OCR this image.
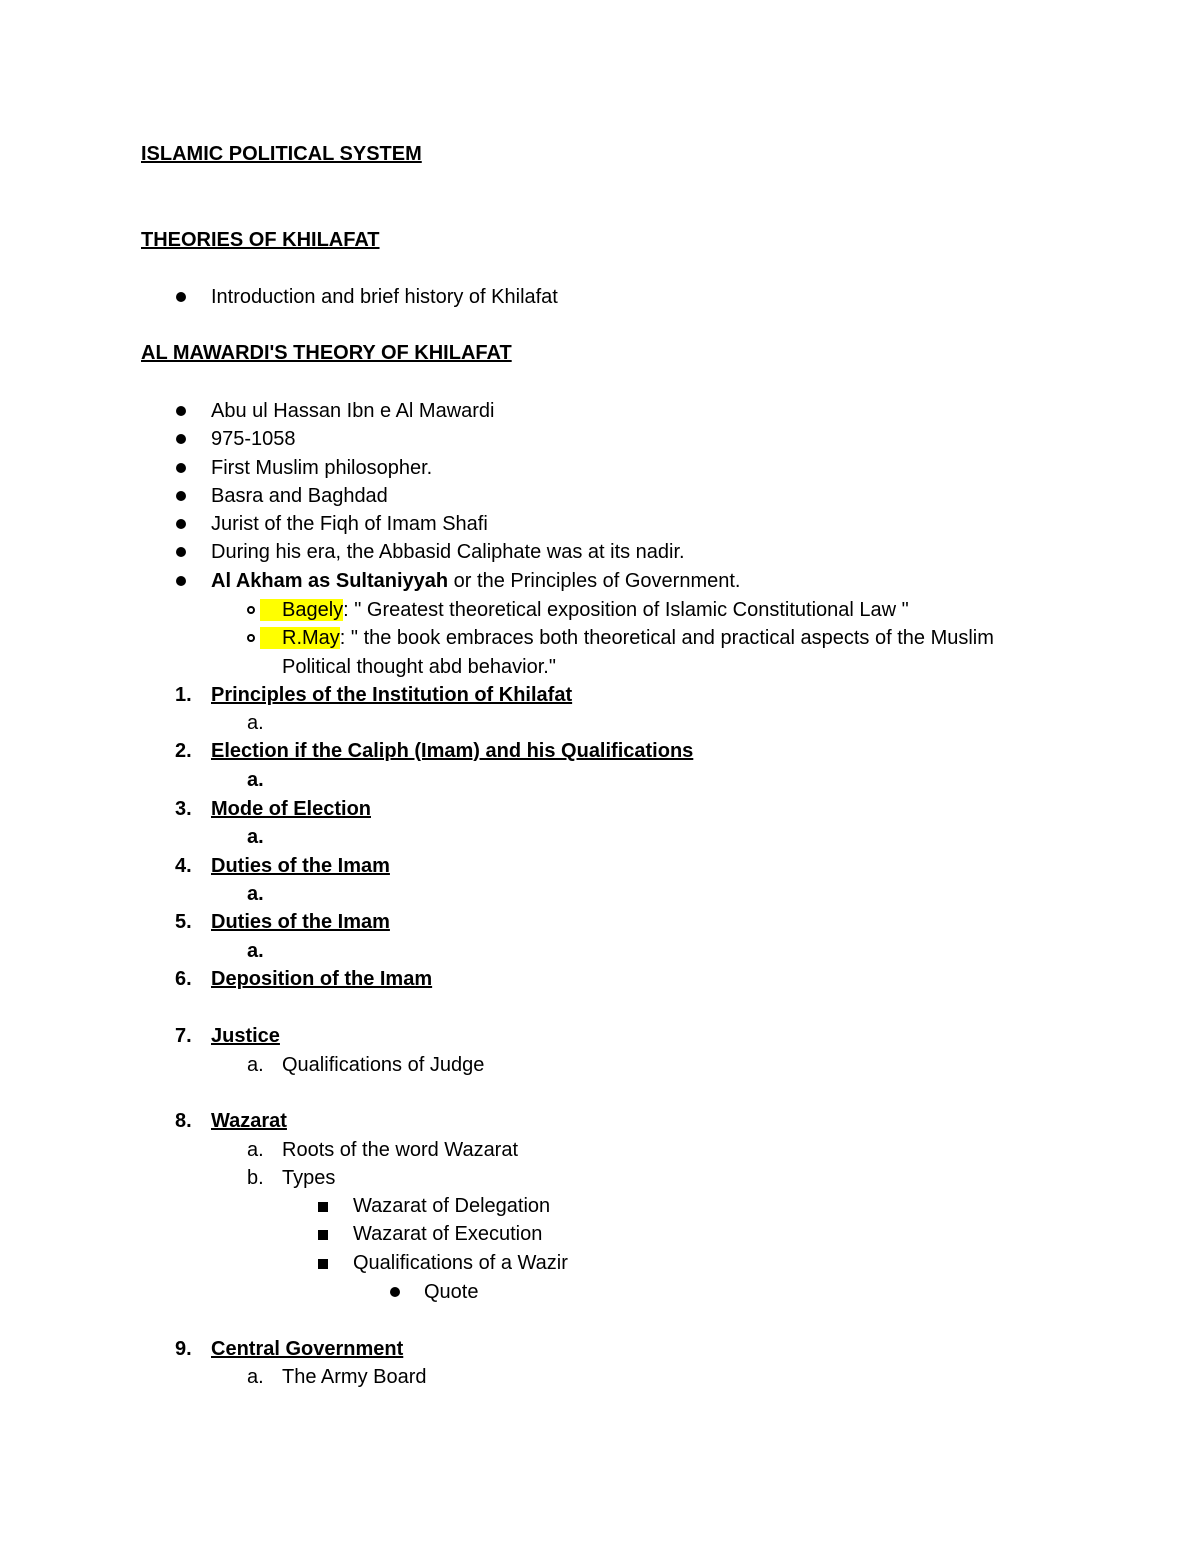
ISLAMIC POLITICAL SYSTEM
THEORIES OF KHILAFAT
Introduction and brief history of Khilafat
AL MAWARDI'S THEORY OF KHILAFAT
Abu ul Hassan Ibn e Al Mawardi
975-1058
First Muslim philosopher.
Basra and Baghdad
Jurist of the Fiqh of Imam Shafi
During his era, the Abbasid Caliphate was at its nadir.
Al Akham as Sultaniyyah or the Principles of Government.
Bagely: " Greatest theoretical exposition of Islamic Constitutional Law "
R.May: " the book embraces both theoretical and practical aspects of the Muslim
Political thought abd behavior."
1. Principles of the Institution of Khilafat
a.
2. Election if the Caliph (Imam) and his Qualifications
a.
3. Mode of Election
a.
4. Duties of the Imam
a.
5. Duties of the Imam
a.
6. Deposition of the Imam
7. Justice
a. Qualifications of Judge
8. Wazarat
a. Roots of the word Wazarat
b. Types
Wazarat of Delegation
Wazarat of Execution
Qualifications of a Wazir
Quote
9. Central Government
a. The Army Board
